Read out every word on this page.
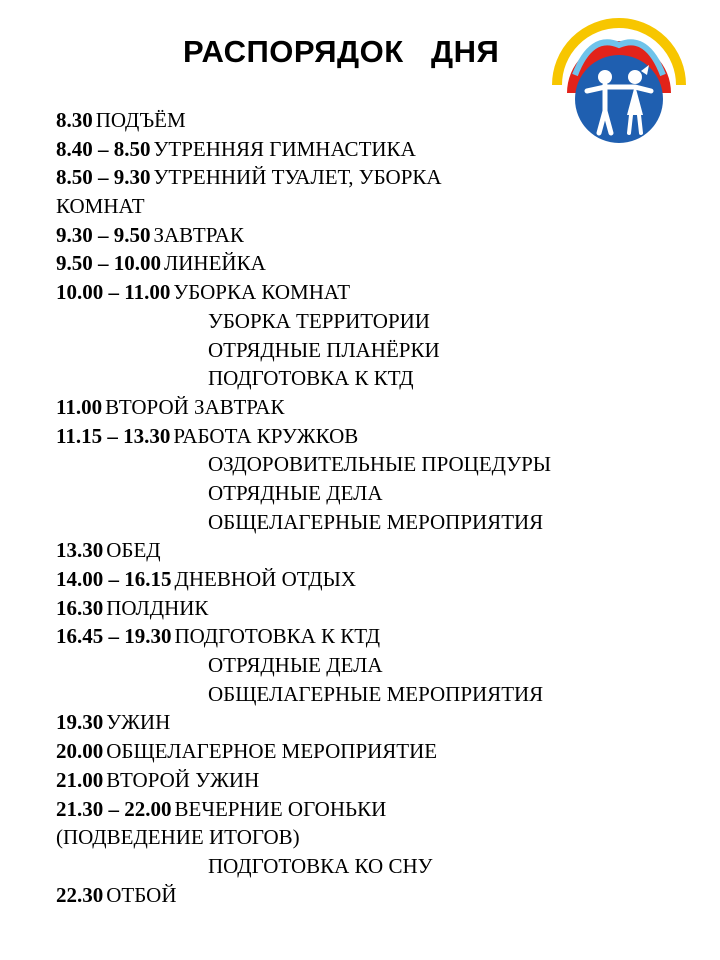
РАСПОРЯДОК   ДНЯ
8.30 ПОДЪЁМ
8.40 – 8.50 УТРЕННЯЯ ГИМНАСТИКА
8.50 – 9.30 УТРЕННИЙ ТУАЛЕТ, УБОРКА
КОМНАТ
9.30 – 9.50 ЗАВТРАК
9.50 – 10.00 ЛИНЕЙКА
10.00 – 11.00 УБОРКА КОМНАТ
УБОРКА ТЕРРИТОРИИ
ОТРЯДНЫЕ ПЛАНЁРКИ
ПОДГОТОВКА К КТД
11.00 ВТОРОЙ ЗАВТРАК
11.15 – 13.30 РАБОТА КРУЖКОВ
ОЗДОРОВИТЕЛЬНЫЕ ПРОЦЕДУРЫ
ОТРЯДНЫЕ ДЕЛА
ОБЩЕЛАГЕРНЫЕ МЕРОПРИЯТИЯ
13.30 ОБЕД
14.00 – 16.15 ДНЕВНОЙ ОТДЫХ
16.30 ПОЛДНИК
16.45 – 19.30 ПОДГОТОВКА К КТД
ОТРЯДНЫЕ ДЕЛА
ОБЩЕЛАГЕРНЫЕ МЕРОПРИЯТИЯ
19.30 УЖИН
20.00 ОБЩЕЛАГЕРНОЕ МЕРОПРИЯТИЕ
21.00 ВТОРОЙ УЖИН
21.30 – 22.00 ВЕЧЕРНИЕ ОГОНЬКИ
(ПОДВЕДЕНИЕ ИТОГОВ)
ПОДГОТОВКА КО СНУ
22.30 ОТБОЙ
